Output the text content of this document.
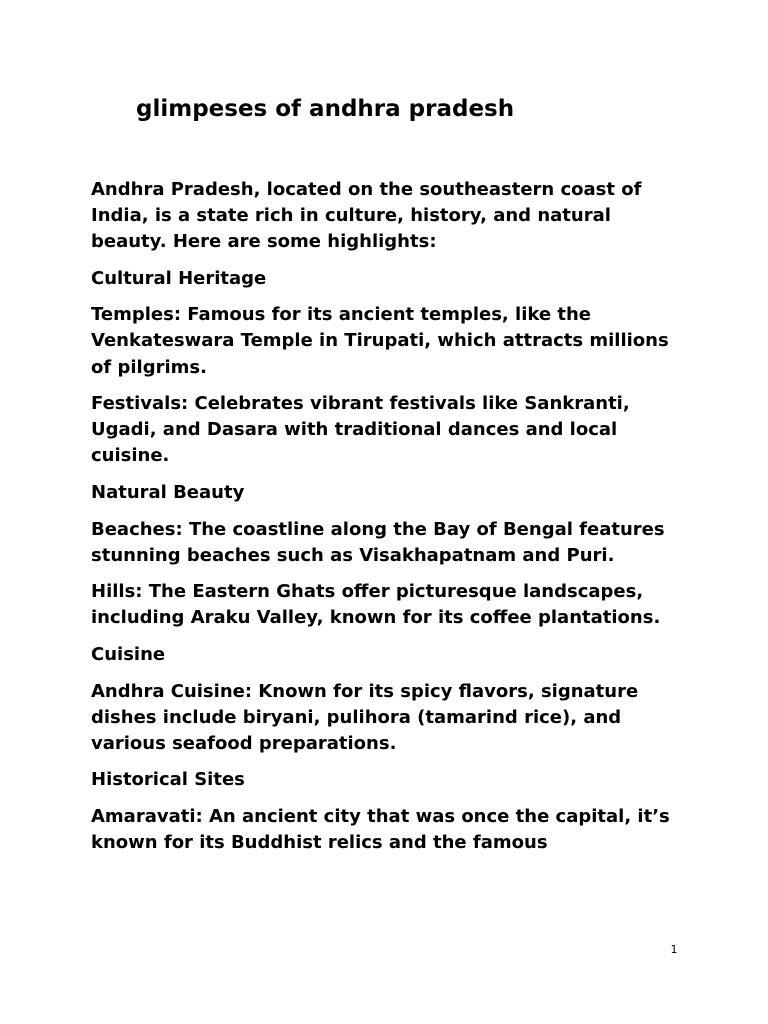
glimpeses of andhra pradesh

Andhra Pradesh, located on the southeastern coast of India, is a state rich in culture, history, and natural beauty. Here are some highlights:

Cultural Heritage

Temples: Famous for its ancient temples, like the Venkateswara Temple in Tirupati, which attracts millions of pilgrims.

Festivals: Celebrates vibrant festivals like Sankranti, Ugadi, and Dasara with traditional dances and local cuisine.

Natural Beauty

Beaches: The coastline along the Bay of Bengal features stunning beaches such as Visakhapatnam and Puri.

Hills: The Eastern Ghats offer picturesque landscapes, including Araku Valley, known for its coffee plantations.

Cuisine

Andhra Cuisine: Known for its spicy flavors, signature dishes include biryani, pulihora (tamarind rice), and various seafood preparations.

Historical Sites

Amaravati: An ancient city that was once the capital, it’s known for its Buddhist relics and the famous

1
